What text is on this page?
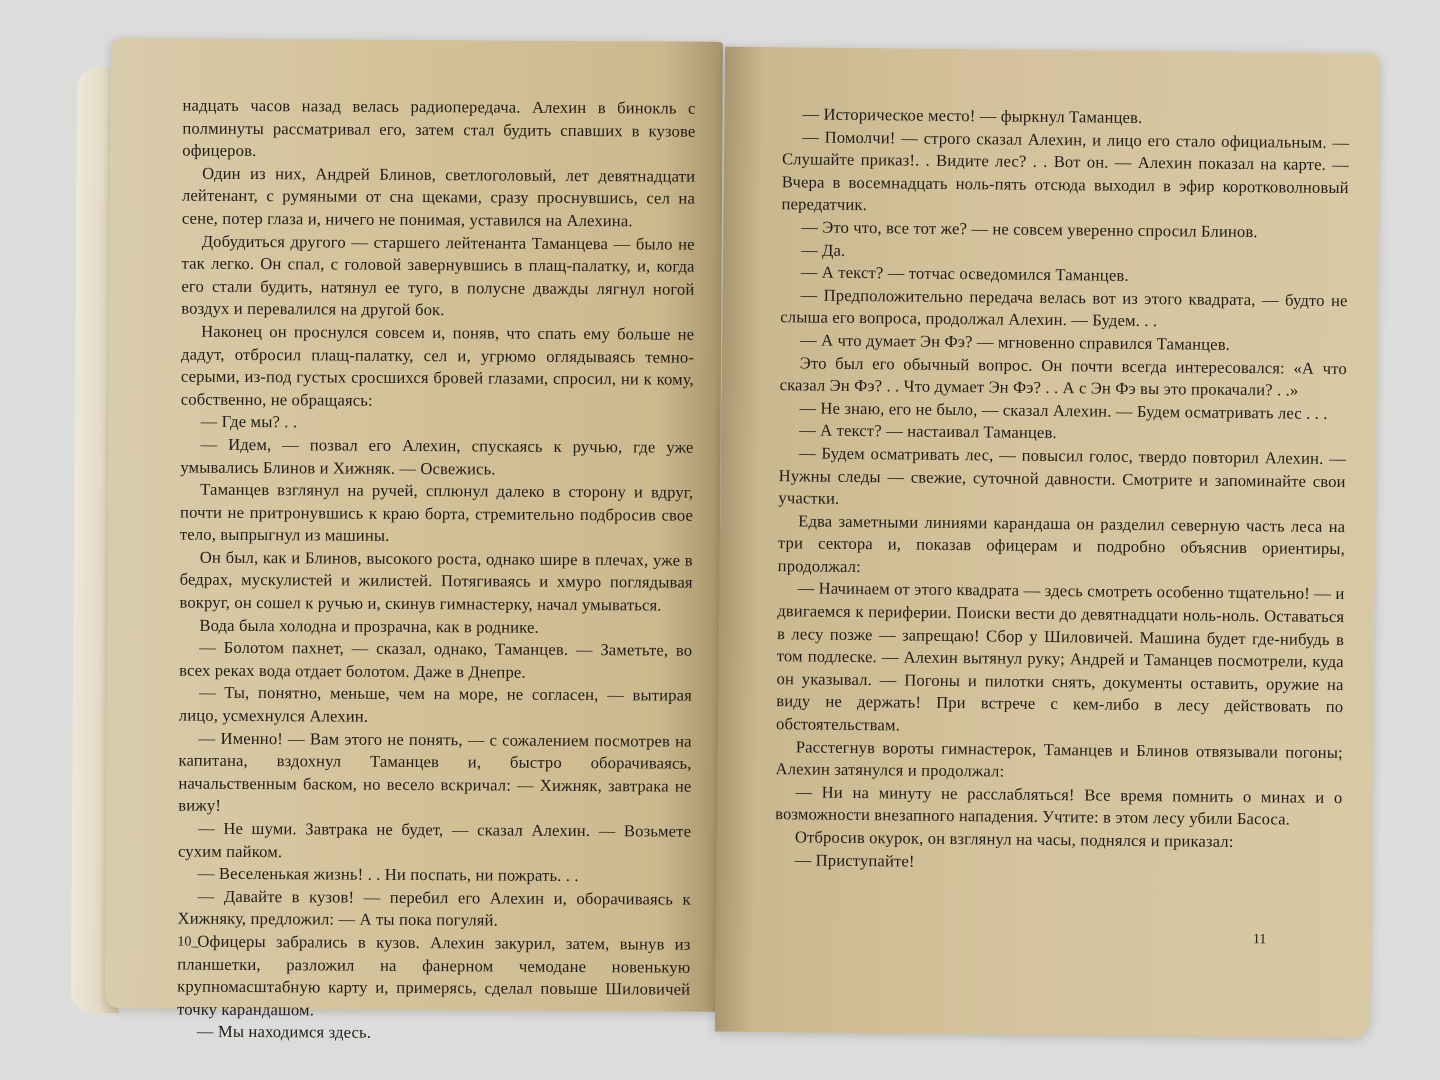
надцать часов назад велась радиопередача. Алехин в бинокль с полминуты рассматривал его, затем стал будить спавших в кузове офицеров.

Один из них, Андрей Блинов, светлоголовый, лет девятнадцати лейтенант, с румяными от сна щеками, сразу проснувшись, сел на сене, потер глаза и, ничего не понимая, уставился на Алехина.

Добудиться другого — старшего лейтенанта Таманцева — было не так легко. Он спал, с головой завернувшись в плащ-палатку, и, когда его стали будить, натянул ее туго, в полусне дважды лягнул ногой воздух и перевалился на другой бок.

Наконец он проснулся совсем и, поняв, что спать ему больше не дадут, отбросил плащ-палатку, сел и, угрюмо оглядываясь темно-серыми, из-под густых сросшихся бровей глазами, спросил, ни к кому, собственно, не обращаясь:

— Где мы? . .

— Идем, — позвал его Алехин, спускаясь к ручью, где уже умывались Блинов и Хижняк. — Освежись.

Таманцев взглянул на ручей, сплюнул далеко в сторону и вдруг, почти не притронувшись к краю борта, стремительно подбросив свое тело, выпрыгнул из машины.

Он был, как и Блинов, высокого роста, однако шире в плечах, уже в бедрах, мускулистей и жилистей. Потягиваясь и хмуро поглядывая вокруг, он сошел к ручью и, скинув гимнастерку, начал умываться.

Вода была холодна и прозрачна, как в роднике.

— Болотом пахнет, — сказал, однако, Таманцев. — Заметьте, во всех реках вода отдает болотом. Даже в Днепре.

— Ты, понятно, меньше, чем на море, не согласен, — вытирая лицо, усмехнулся Алехин.

— Именно! — Вам этого не понять, — с сожалением посмотрев на капитана, вздохнул Таманцев и, быстро оборачиваясь, начальственным баском, но весело вскричал: — Хижняк, завтрака не вижу!

— Не шуми. Завтрака не будет, — сказал Алехин. — Возьмете сухим пайком.

— Веселенькая жизнь! . . Ни поспать, ни пожрать. . .

— Давайте в кузов! — перебил его Алехин и, оборачиваясь к Хижняку, предложил: — А ты пока погуляй.

Офицеры забрались в кузов. Алехин закурил, затем, вынув из планшетки, разложил на фанерном чемодане новенькую крупномасштабную карту и, примерясь, сделал повыше Шиловичей точку карандашом.

— Мы находимся здесь.

10_

— Историческое место! — фыркнул Таманцев.

— Помолчи! — строго сказал Алехин, и лицо его стало официальным. — Слушайте приказ!. . Видите лес? . . Вот он. — Алехин показал на карте. — Вчера в восемнадцать ноль-пять отсюда выходил в эфир коротковолновый передатчик.

— Это что, все тот же? — не совсем уверенно спросил Блинов.

— Да.

— А текст? — тотчас осведомился Таманцев.

— Предположительно передача велась вот из этого квадрата, — будто не слыша его вопроса, продолжал Алехин. — Будем. . .

— А что думает Эн Фэ? — мгновенно справился Таманцев.

Это был его обычный вопрос. Он почти всегда интересовался: «А что сказал Эн Фэ? . . Что думает Эн Фэ? . . А с Эн Фэ вы это прокачали? . .»

— Не знаю, его не было, — сказал Алехин. — Будем осматривать лес . . .

— А текст? — настаивал Таманцев.

— Будем осматривать лес, — повысил голос, твердо повторил Алехин. — Нужны следы — свежие, суточной давности. Смотрите и запоминайте свои участки.

Едва заметными линиями карандаша он разделил северную часть леса на три сектора и, показав офицерам и подробно объяснив ориентиры, продолжал:

— Начинаем от этого квадрата — здесь смотреть особенно тщательно! — и двигаемся к периферии. Поиски вести до девятнадцати ноль-ноль. Оставаться в лесу позже — запрещаю! Сбор у Шиловичей. Машина будет где-нибудь в том подлеске. — Алехин вытянул руку; Андрей и Таманцев посмотрели, куда он указывал. — Погоны и пилотки снять, документы оставить, оружие на виду не держать! При встрече с кем-либо в лесу действовать по обстоятельствам.

Расстегнув вороты гимнастерок, Таманцев и Блинов отвязывали погоны; Алехин затянулся и продолжал:

— Ни на минуту не расслабляться! Все время помнить о минах и о возможности внезапного нападения. Учтите: в этом лесу убили Басоса.

Отбросив окурок, он взглянул на часы, поднялся и приказал:

— Приступайте!

11
